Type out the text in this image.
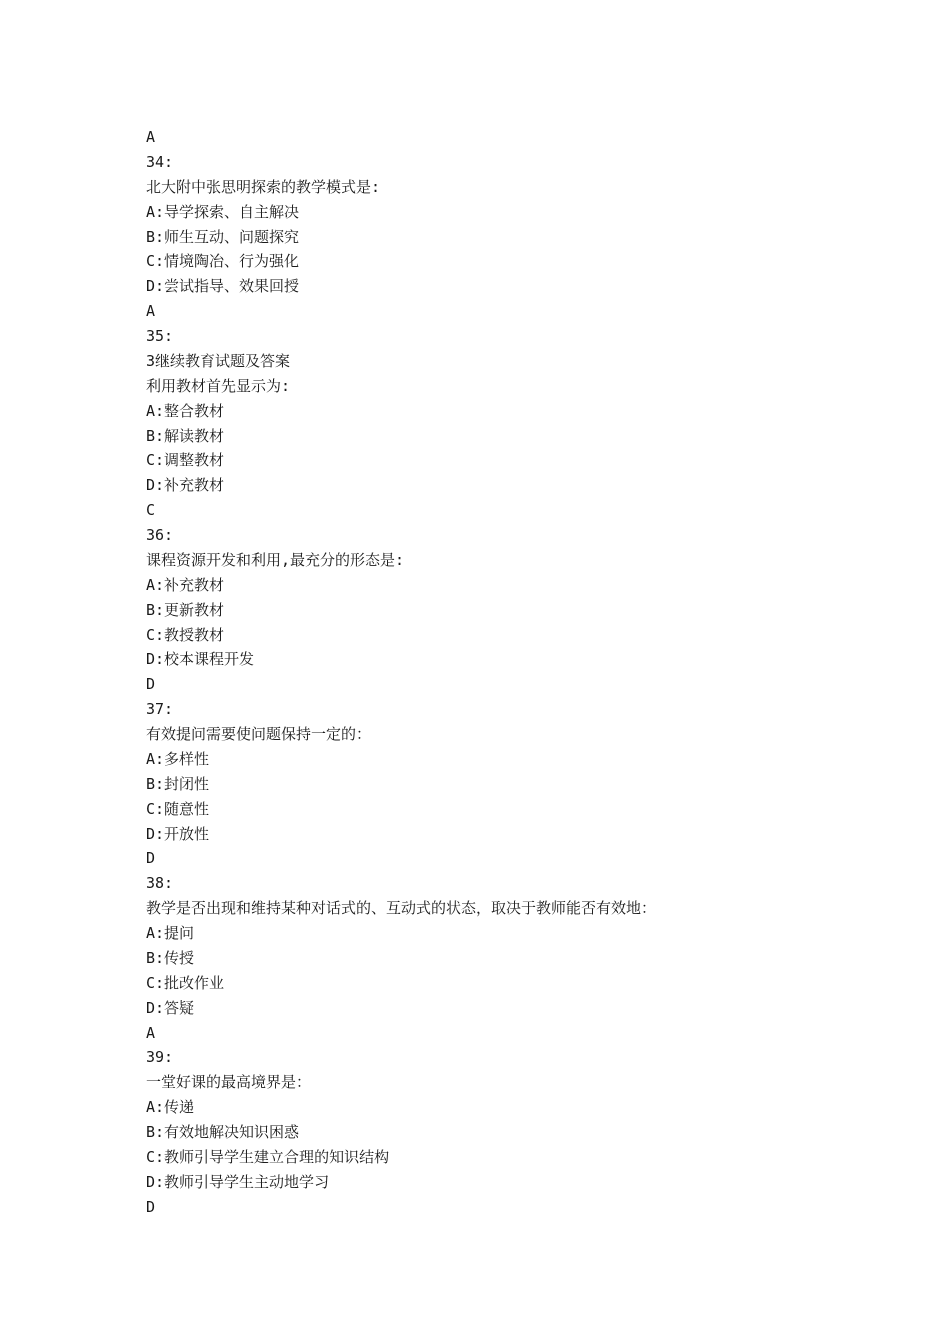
A
34:
北大附中张思明探索的教学模式是:
A:导学探索、自主解决
B:师生互动、问题探究
C:情境陶冶、行为强化
D:尝试指导、效果回授
A
35:
3继续教育试题及答案
利用教材首先显示为:
A:整合教材
B:解读教材
C:调整教材
D:补充教材
C
36:
课程资源开发和利用,最充分的形态是:
A:补充教材
B:更新教材
C:教授教材
D:校本课程开发
D
37:
有效提问需要使问题保持一定的：
A:多样性
B:封闭性
C:随意性
D:开放性
D
38:
教学是否出现和维持某种对话式的、互动式的状态，取决于教师能否有效地：
A:提问
B:传授
C:批改作业
D:答疑
A
39:
一堂好课的最高境界是：
A:传递
B:有效地解决知识困惑
C:教师引导学生建立合理的知识结构
D:教师引导学生主动地学习
D
